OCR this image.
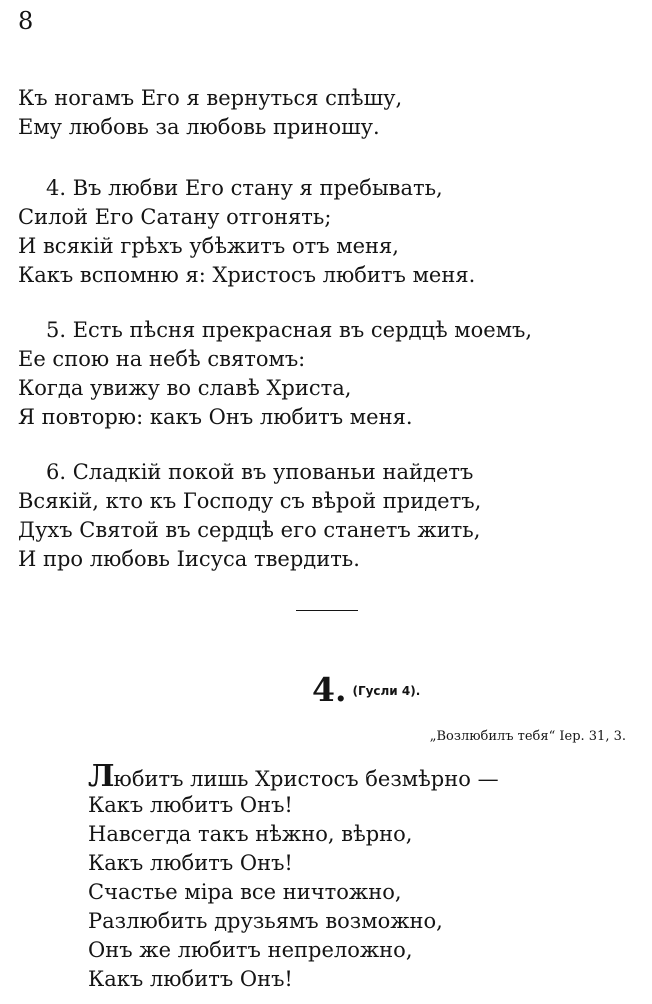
8
Къ ногамъ Его я вернуться спѣшу,
Ему любовь за любовь приношу.
4. Въ любви Его стану я пребывать,
Силой Его Сатану отгонять;
И всякій грѣхъ убѣжитъ отъ меня,
Какъ вспомню я: Христосъ любитъ меня.
5. Есть пѣсня прекрасная въ сердцѣ моемъ,
Ее спою на небѣ святомъ:
Когда увижу во славѣ Христа,
Я повторю: какъ Онъ любитъ меня.
6. Сладкій покой въ упованьи найдетъ
Всякій, кто къ Господу съ вѣрой придетъ,
Духъ Святой въ сердцѣ его станетъ жить,
И про любовь Іисуса твердить.
4. $^{(Гусли 4).}$
„Возлюбилъ тебя“ Іер. 31, 3.
Любитъ лишь Христосъ безмѣрно —
Какъ любитъ Онъ!
Навсегда такъ нѣжно, вѣрно,
Какъ любитъ Онъ!
Счастье міра все ничтожно,
Разлюбить друзьямъ возможно,
Онъ же любитъ непреложно,
Какъ любитъ Онъ!
